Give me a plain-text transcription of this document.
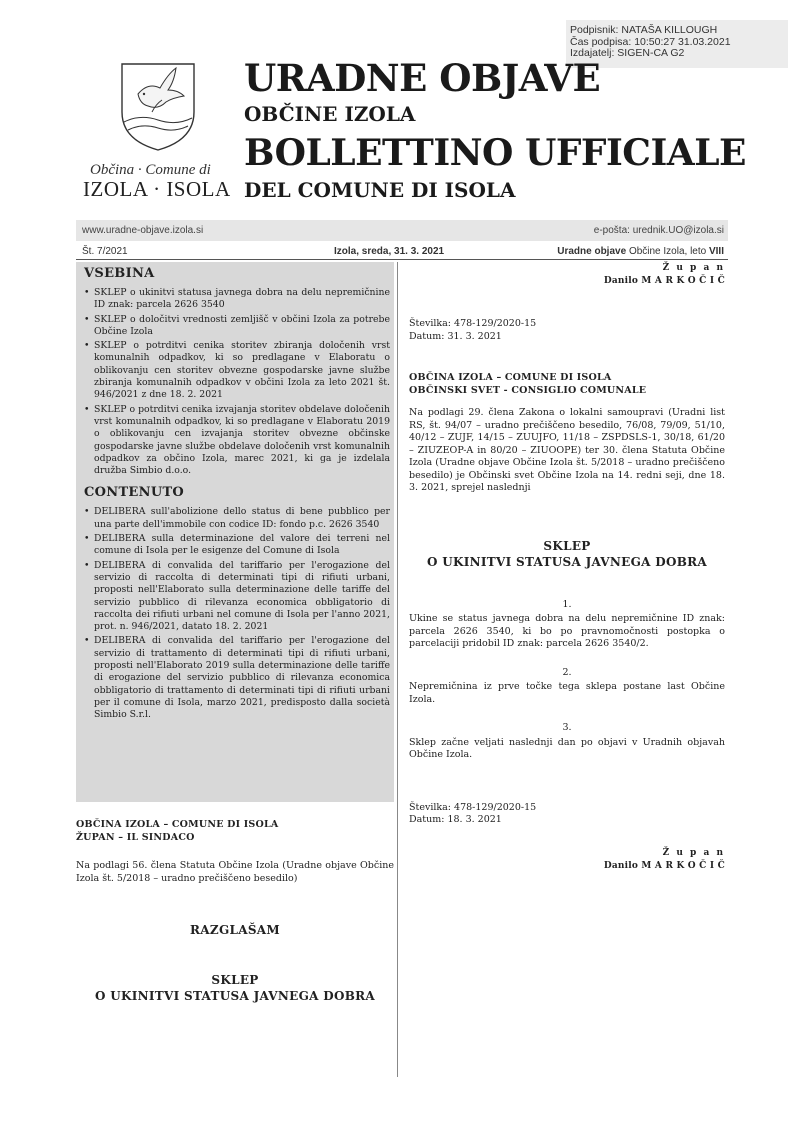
Podpisnik: NATAŠA KILLOUGH
Čas podpisa: 10:50:27 31.03.2021
Izdajatelj: SIGEN-CA G2
Občina · Comune di
IZOLA · ISOLA
URADNE OBJAVE
OBČINE IZOLA
BOLLETTINO UFFICIALE
DEL COMUNE DI ISOLA
www.uradne-objave.izola.si	e-pošta: urednik.UO@izola.si
Št. 7/2021	Izola, sreda, 31. 3. 2021	Uradne objave Občine Izola, leto VIII
VSEBINA
• SKLEP o ukinitvi statusa javnega dobra na delu nepremičnine ID znak: parcela 2626 3540
• SKLEP o določitvi vrednosti zemljišč v občini Izola za potrebe Občine Izola
• SKLEP o potrditvi cenika storitev zbiranja določenih vrst komunalnih odpadkov, ki so predlagane v Elaboratu o oblikovanju cen storitev obvezne gospodarske javne službe zbiranja komunalnih odpadkov v občini Izola za leto 2021 št. 946/2021 z dne 18. 2. 2021
• SKLEP o potrditvi cenika izvajanja storitev obdelave določenih vrst komunalnih odpadkov, ki so predlagane v Elaboratu 2019 o oblikovanju cen izvajanja storitev obvezne občinske gospodarske javne službe obdelave določenih vrst komunalnih odpadkov za občino Izola, marec 2021, ki ga je izdelala družba Simbio d.o.o.
CONTENUTO
• DELIBERA sull'abolizione dello status di bene pubblico per una parte dell'immobile con codice ID: fondo p.c. 2626 3540
• DELIBERA sulla determinazione del valore dei terreni nel comune di Isola per le esigenze del Comune di Isola
• DELIBERA di convalida del tariffario per l'erogazione del servizio di raccolta di determinati tipi di rifiuti urbani, proposti nell'Elaborato sulla determinazione delle tariffe del servizio pubblico di rilevanza economica obbligatorio di raccolta dei rifiuti urbani nel comune di Isola per l'anno 2021, prot. n. 946/2021, datato 18. 2. 2021
• DELIBERA di convalida del tariffario per l'erogazione del servizio di trattamento di determinati tipi di rifiuti urbani, proposti nell'Elaborato 2019 sulla determinazione delle tariffe di erogazione del servizio pubblico di rilevanza economica obbligatorio di trattamento di determinati tipi di rifiuti urbani per il comune di Isola, marzo 2021, predisposto dalla società Simbio S.r.l.
OBČINA IZOLA – COMUNE DI ISOLA
ŽUPAN – IL SINDACO
Na podlagi 56. člena Statuta Občine Izola (Uradne objave Občine Izola št. 5/2018 – uradno prečiščeno besedilo)
RAZGLAŠAM
SKLEP
O UKINITVI STATUSA JAVNEGA DOBRA
Ž u p a n
Danilo M A R K O Č I Č
Številka: 478-129/2020-15
Datum: 31. 3. 2021
OBČINA IZOLA – COMUNE DI ISOLA
OBČINSKI SVET - CONSIGLIO COMUNALE
Na podlagi 29. člena Zakona o lokalni samoupravi (Uradni list RS, št. 94/07 – uradno prečiščeno besedilo, 76/08, 79/09, 51/10, 40/12 – ZUJF, 14/15 – ZUUJFO, 11/18 – ZSPDSLS-1, 30/18, 61/20 – ZIUZEOP-A in 80/20 – ZIUOOPE) ter 30. člena Statuta Občine Izola (Uradne objave Občine Izola št. 5/2018 – uradno prečiščeno besedilo) je Občinski svet Občine Izola na 14. redni seji, dne 18. 3. 2021, sprejel naslednji
SKLEP
O UKINITVI STATUSA JAVNEGA DOBRA
1.
Ukine se status javnega dobra na delu nepremičnine ID znak: parcela 2626 3540, ki bo po pravnomočnosti postopka o parcelaciji pridobil ID znak: parcela 2626 3540/2.
2.
Nepremičnina iz prve točke tega sklepa postane last Občine Izola.
3.
Sklep začne veljati naslednji dan po objavi v Uradnih objavah Občine Izola.
Številka: 478-129/2020-15
Datum: 18. 3. 2021
Ž u p a n
Danilo M A R K O Č I Č
